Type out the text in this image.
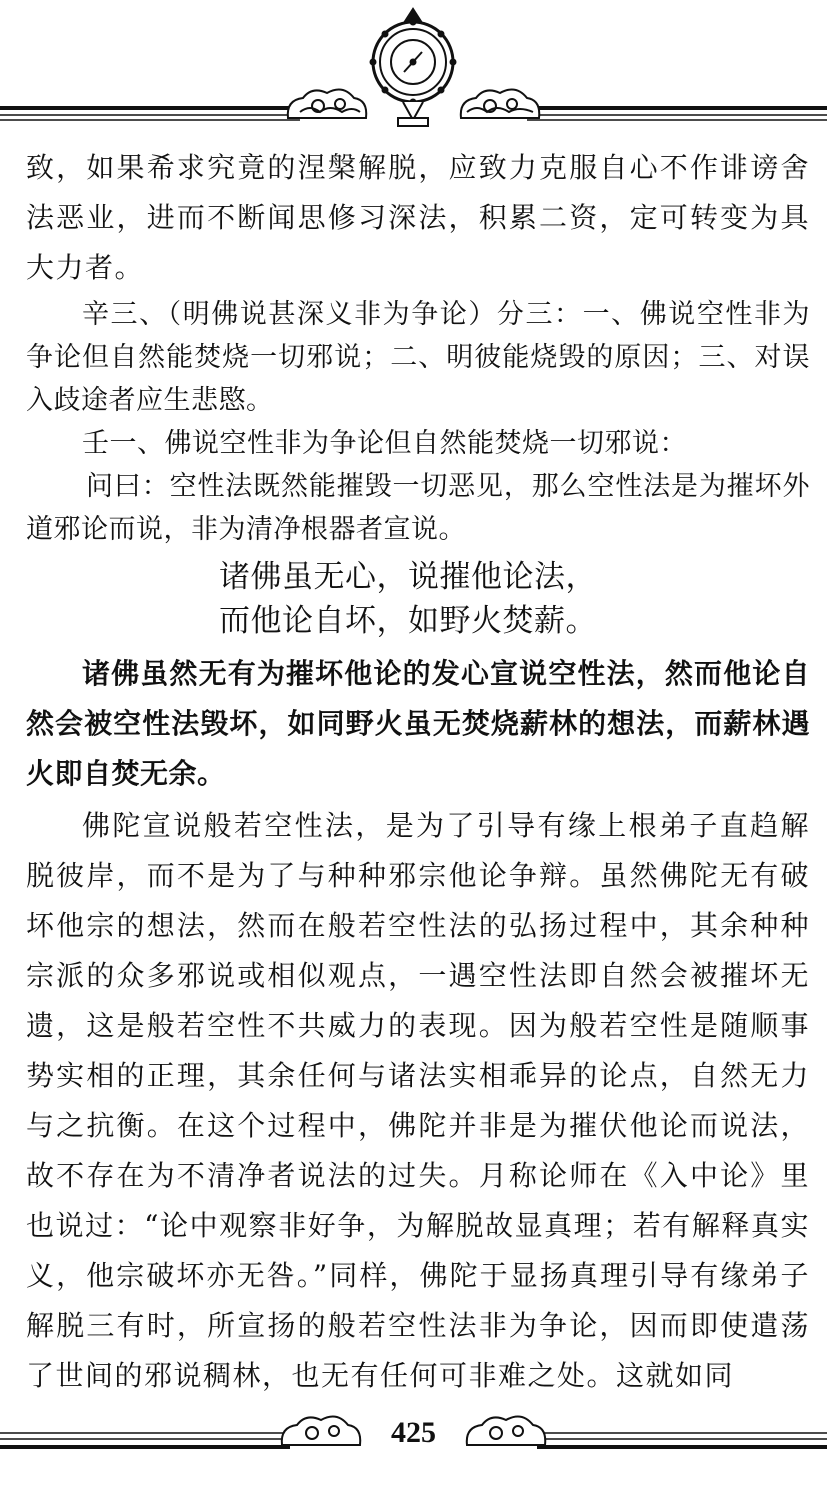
致，如果希求究竟的涅槃解脱，应致力克服自心不作诽谤舍法恶业，进而不断闻思修习深法，积累二资，定可转变为具大力者。

辛三、（明佛说甚深义非为争论）分三：一、佛说空性非为争论但自然能焚烧一切邪说；二、明彼能烧毁的原因；三、对误入歧途者应生悲愍。

壬一、佛说空性非为争论但自然能焚烧一切邪说：

问曰：空性法既然能摧毁一切恶见，那么空性法是为摧坏外道邪论而说，非为清净根器者宣说。

诸佛虽无心，说摧他论法，

而他论自坏，如野火焚薪。

诸佛虽然无有为摧坏他论的发心宣说空性法，然而他论自然会被空性法毁坏，如同野火虽无焚烧薪林的想法，而薪林遇火即自焚无余。

佛陀宣说般若空性法，是为了引导有缘上根弟子直趋解脱彼岸，而不是为了与种种邪宗他论争辩。虽然佛陀无有破坏他宗的想法，然而在般若空性法的弘扬过程中，其余种种宗派的众多邪说或相似观点，一遇空性法即自然会被摧坏无遗，这是般若空性不共威力的表现。因为般若空性是随顺事势实相的正理，其余任何与诸法实相乖异的论点，自然无力与之抗衡。在这个过程中，佛陀并非是为摧伏他论而说法，故不存在为不清净者说法的过失。月称论师在《入中论》里也说过：“论中观察非好争，为解脱故显真理；若有解释真实义，他宗破坏亦无咎。”同样，佛陀于显扬真理引导有缘弟子解脱三有时，所宣扬的般若空性法非为争论，因而即使遣荡了世间的邪说稠林，也无有任何可非难之处。这就如同

425
